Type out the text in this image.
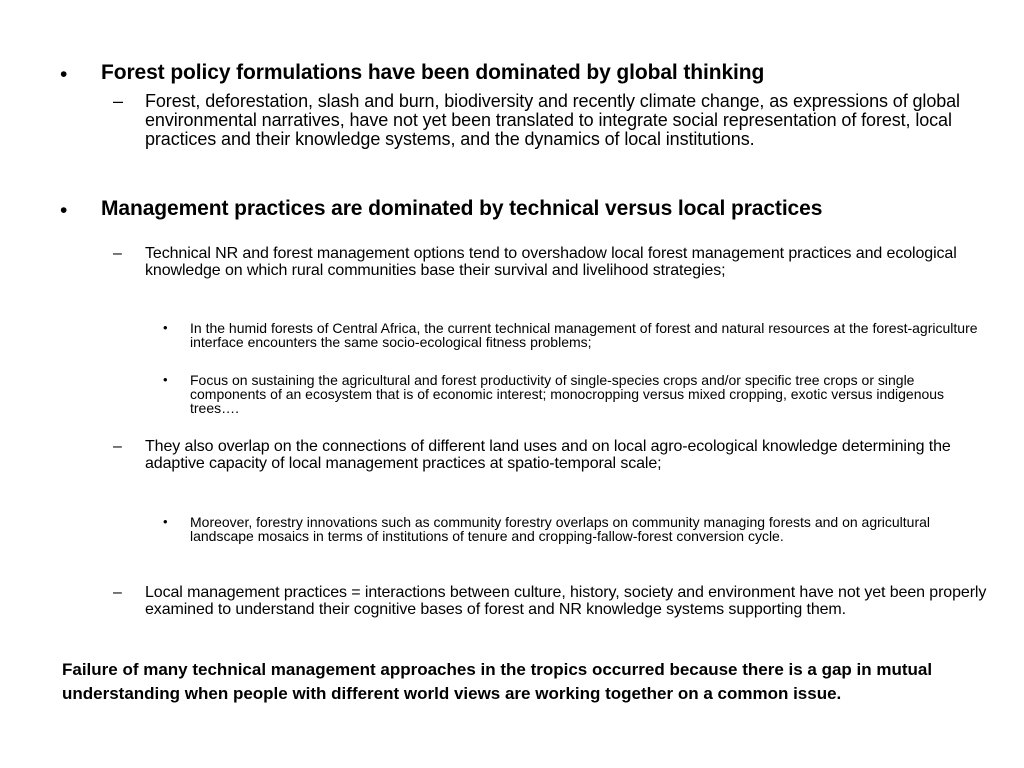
•	Forest policy formulations have been dominated by global thinking
–	Forest, deforestation, slash and burn, biodiversity and recently climate change, as expressions of global environmental narratives, have not yet been translated to integrate social representation of forest, local practices and their knowledge systems, and the dynamics of local institutions.
•	Management practices are dominated by technical versus local practices
–	Technical NR and forest management options tend to overshadow local forest management practices and ecological knowledge on which rural communities base their survival and livelihood strategies;
•	In the humid forests of Central Africa, the current technical management of forest and natural resources at the forest-agriculture interface encounters the same socio-ecological fitness problems;
•	Focus on sustaining the agricultural and forest productivity of single-species crops and/or specific tree crops or single components of an ecosystem that is of economic interest; monocropping versus mixed cropping, exotic versus indigenous trees….
–	They also overlap on the connections of different land uses and on local agro-ecological knowledge determining the adaptive capacity of local management practices at spatio-temporal scale;
•	Moreover, forestry innovations such as community forestry overlaps on community managing forests and on agricultural landscape mosaics in terms of institutions of tenure and cropping-fallow-forest conversion cycle.
–	Local management practices = interactions between culture, history, society and environment have not yet been properly examined to understand their cognitive bases of forest and NR knowledge systems supporting them.
Failure of many technical management approaches in the tropics occurred because there is a gap in mutual understanding when people with different world views are working together on a common issue.
